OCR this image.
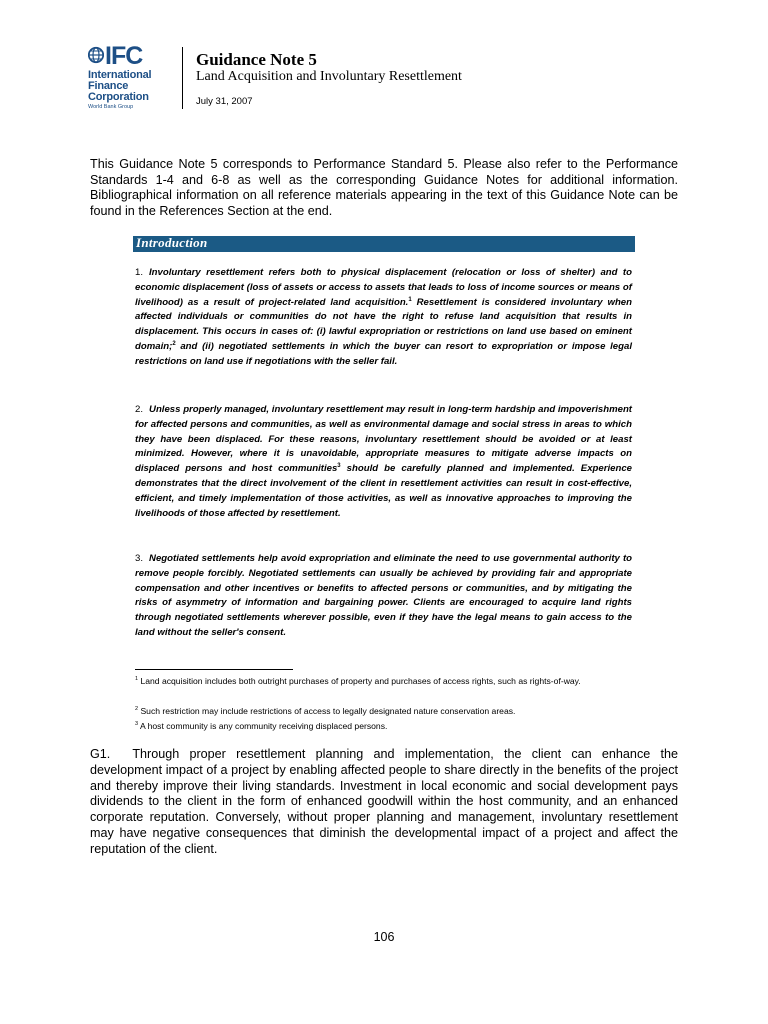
IFC
International
Finance
Corporation
World Bank Group
Guidance Note 5
Land Acquisition and Involuntary Resettlement
July 31, 2007
This Guidance Note 5 corresponds to Performance Standard 5. Please also refer to the Performance Standards 1-4 and 6-8 as well as the corresponding Guidance Notes for additional information. Bibliographical information on all reference materials appearing in the text of this Guidance Note can be found in the References Section at the end.
Introduction
1. Involuntary resettlement refers both to physical displacement (relocation or loss of shelter) and to economic displacement (loss of assets or access to assets that leads to loss of income sources or means of livelihood) as a result of project-related land acquisition.$^1$ Resettlement is considered involuntary when affected individuals or communities do not have the right to refuse land acquisition that results in displacement. This occurs in cases of: (i) lawful expropriation or restrictions on land use based on eminent domain;$^2$ and (ii) negotiated settlements in which the buyer can resort to expropriation or impose legal restrictions on land use if negotiations with the seller fail.
2. Unless properly managed, involuntary resettlement may result in long-term hardship and impoverishment for affected persons and communities, as well as environmental damage and social stress in areas to which they have been displaced. For these reasons, involuntary resettlement should be avoided or at least minimized. However, where it is unavoidable, appropriate measures to mitigate adverse impacts on displaced persons and host communities$^3$ should be carefully planned and implemented. Experience demonstrates that the direct involvement of the client in resettlement activities can result in cost-effective, efficient, and timely implementation of those activities, as well as innovative approaches to improving the livelihoods of those affected by resettlement.
3. Negotiated settlements help avoid expropriation and eliminate the need to use governmental authority to remove people forcibly. Negotiated settlements can usually be achieved by providing fair and appropriate compensation and other incentives or benefits to affected persons or communities, and by mitigating the risks of asymmetry of information and bargaining power. Clients are encouraged to acquire land rights through negotiated settlements wherever possible, even if they have the legal means to gain access to the land without the seller's consent.
$^1$ Land acquisition includes both outright purchases of property and purchases of access rights, such as rights-of-way.
$^2$ Such restriction may include restrictions of access to legally designated nature conservation areas.
$^3$ A host community is any community receiving displaced persons.
G1. Through proper resettlement planning and implementation, the client can enhance the development impact of a project by enabling affected people to share directly in the benefits of the project and thereby improve their living standards. Investment in local economic and social development pays dividends to the client in the form of enhanced goodwill within the host community, and an enhanced corporate reputation. Conversely, without proper planning and management, involuntary resettlement may have negative consequences that diminish the developmental impact of a project and affect the reputation of the client.
106
